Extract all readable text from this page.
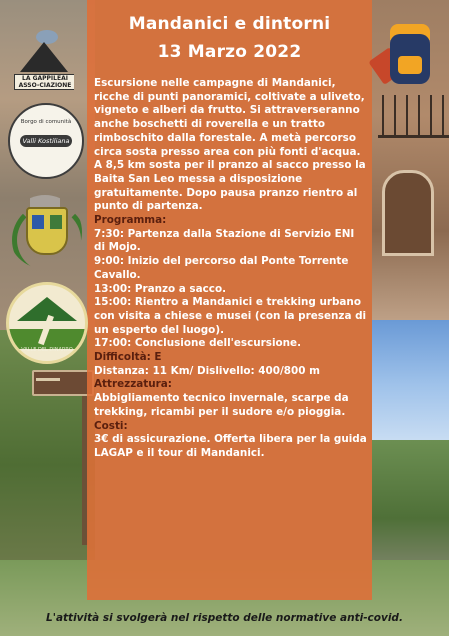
Mandanici e dintorni
13 Marzo 2022

Escursione nelle campagne di Mandanici, ricche di punti panoramici, coltivate a uliveto, vigneto e alberi da frutto. Si attraverseranno anche boschetti di roverella e un tratto rimboschito dalla forestale. A metà percorso circa sosta presso area con più fonti d'acqua. A 8,5 km sosta per il pranzo al sacco presso la Baita San Leo messa a disposizione gratuitamente. Dopo pausa pranzo rientro al punto di partenza.

Programma:

7:30: Partenza dalla Stazione di Servizio ENI di Mojo.

9:00: Inizio del percorso dal Ponte Torrente Cavallo.

13:00: Pranzo a sacco.

15:00: Rientro a Mandanici e trekking urbano con visita a chiese e musei (con la presenza di un esperto del luogo).

17:00: Conclusione dell'escursione.

Difficoltà: E

Distanza: 11 Km/ Dislivello: 400/800 m

Attrezzatura:

Abbigliamento tecnico invernale, scarpe da trekking, ricambi per il sudore e/o pioggia.

Costi:

3€ di assicurazione. Offerta libera per la guida LAGAP e il tour di Mandanici.

L'attività si svolgerà nel rispetto delle normative anti-covid.
LA GAPPILEAI ASSO-CIAZIONE
Borgo di comunità
Valli Kostiliana
VALLE DEL DINARRO
